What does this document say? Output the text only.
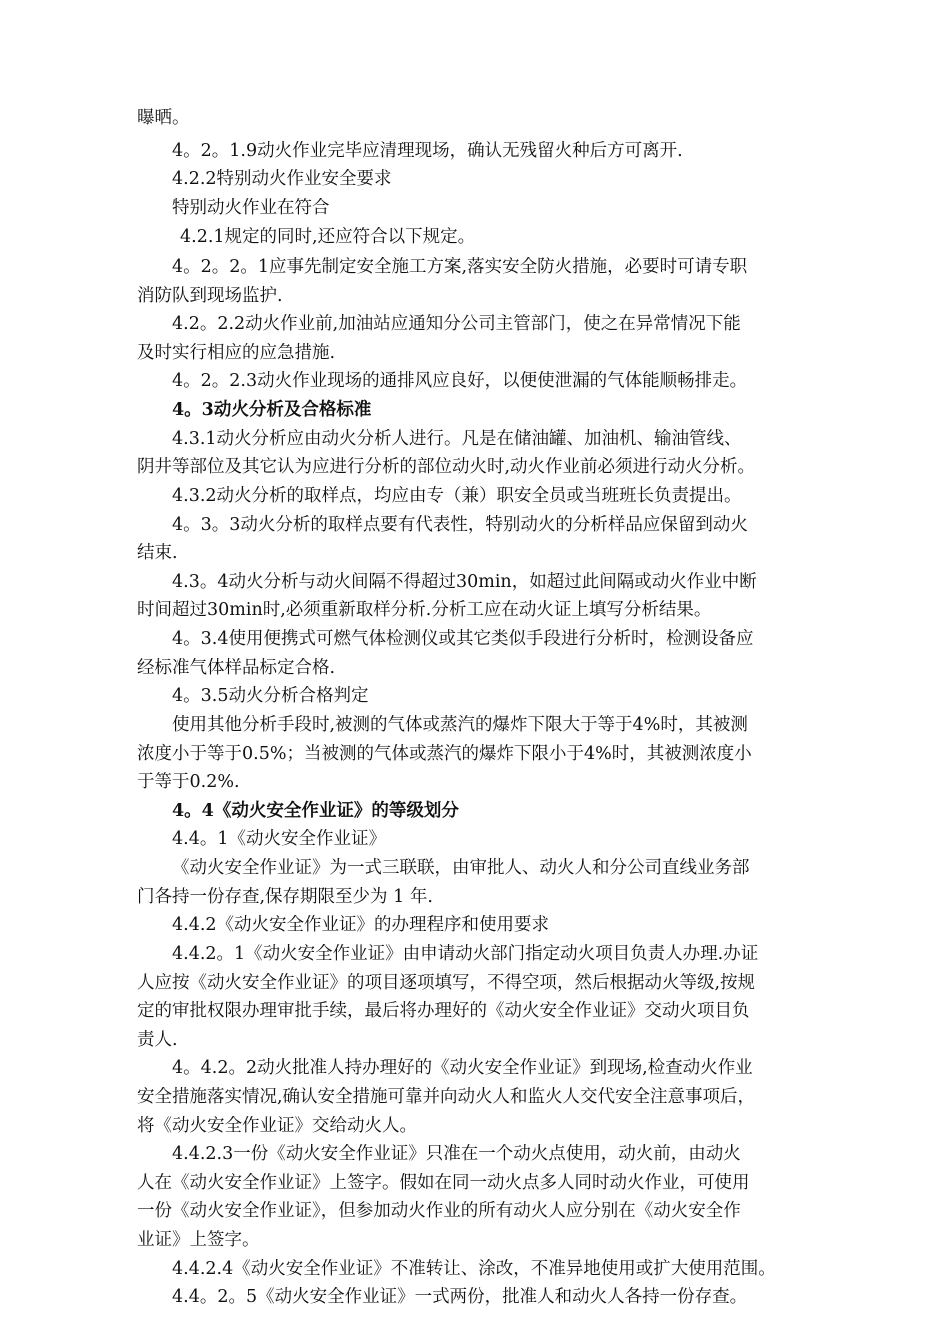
曝晒。

4。2。1.9动火作业完毕应清理现场，确认无残留火种后方可离开.

4.2.2特别动火作业安全要求

特别动火作业在符合

4.2.1规定的同时,还应符合以下规定。

4。2。2。1应事先制定安全施工方案,落实安全防火措施，必要时可请专职

消防队到现场监护.

4.2。2.2动火作业前,加油站应通知分公司主管部门，使之在异常情况下能

及时实行相应的应急措施.

4。2。2.3动火作业现场的通排风应良好，以便使泄漏的气体能顺畅排走。

4。3动火分析及合格标准

4.3.1动火分析应由动火分析人进行。凡是在储油罐、加油机、输油管线、

阴井等部位及其它认为应进行分析的部位动火时,动火作业前必须进行动火分析。

4.3.2动火分析的取样点，均应由专（兼）职安全员或当班班长负责提出。

4。3。3动火分析的取样点要有代表性，特别动火的分析样品应保留到动火

结束.

4.3。4动火分析与动火间隔不得超过30min，如超过此间隔或动火作业中断

时间超过30min时,必须重新取样分析.分析工应在动火证上填写分析结果。

4。3.4使用便携式可燃气体检测仪或其它类似手段进行分析时，检测设备应

经标准气体样品标定合格.

4。3.5动火分析合格判定

使用其他分析手段时,被测的气体或蒸汽的爆炸下限大于等于4%时，其被测

浓度小于等于0.5%；当被测的气体或蒸汽的爆炸下限小于4%时，其被测浓度小

于等于0.2%.

4。4《动火安全作业证》的等级划分

4.4。1《动火安全作业证》

《动火安全作业证》为一式三联联，由审批人、动火人和分公司直线业务部

门各持一份存查,保存期限至少为 1 年.

4.4.2《动火安全作业证》的办理程序和使用要求

4.4.2。1《动火安全作业证》由申请动火部门指定动火项目负责人办理.办证

人应按《动火安全作业证》的项目逐项填写，不得空项，然后根据动火等级,按规

定的审批权限办理审批手续，最后将办理好的《动火安全作业证》交动火项目负

责人.

4。4.2。2动火批准人持办理好的《动火安全作业证》到现场,检查动火作业

安全措施落实情况,确认安全措施可靠并向动火人和监火人交代安全注意事项后，

将《动火安全作业证》交给动火人。

4.4.2.3一份《动火安全作业证》只准在一个动火点使用，动火前，由动火

人在《动火安全作业证》上签字。假如在同一动火点多人同时动火作业，可使用

一份《动火安全作业证》，但参加动火作业的所有动火人应分别在《动火安全作

业证》上签字。

4.4.2.4《动火安全作业证》不准转让、涂改，不准异地使用或扩大使用范围。

4.4。2。5《动火安全作业证》一式两份，批准人和动火人各持一份存查。
